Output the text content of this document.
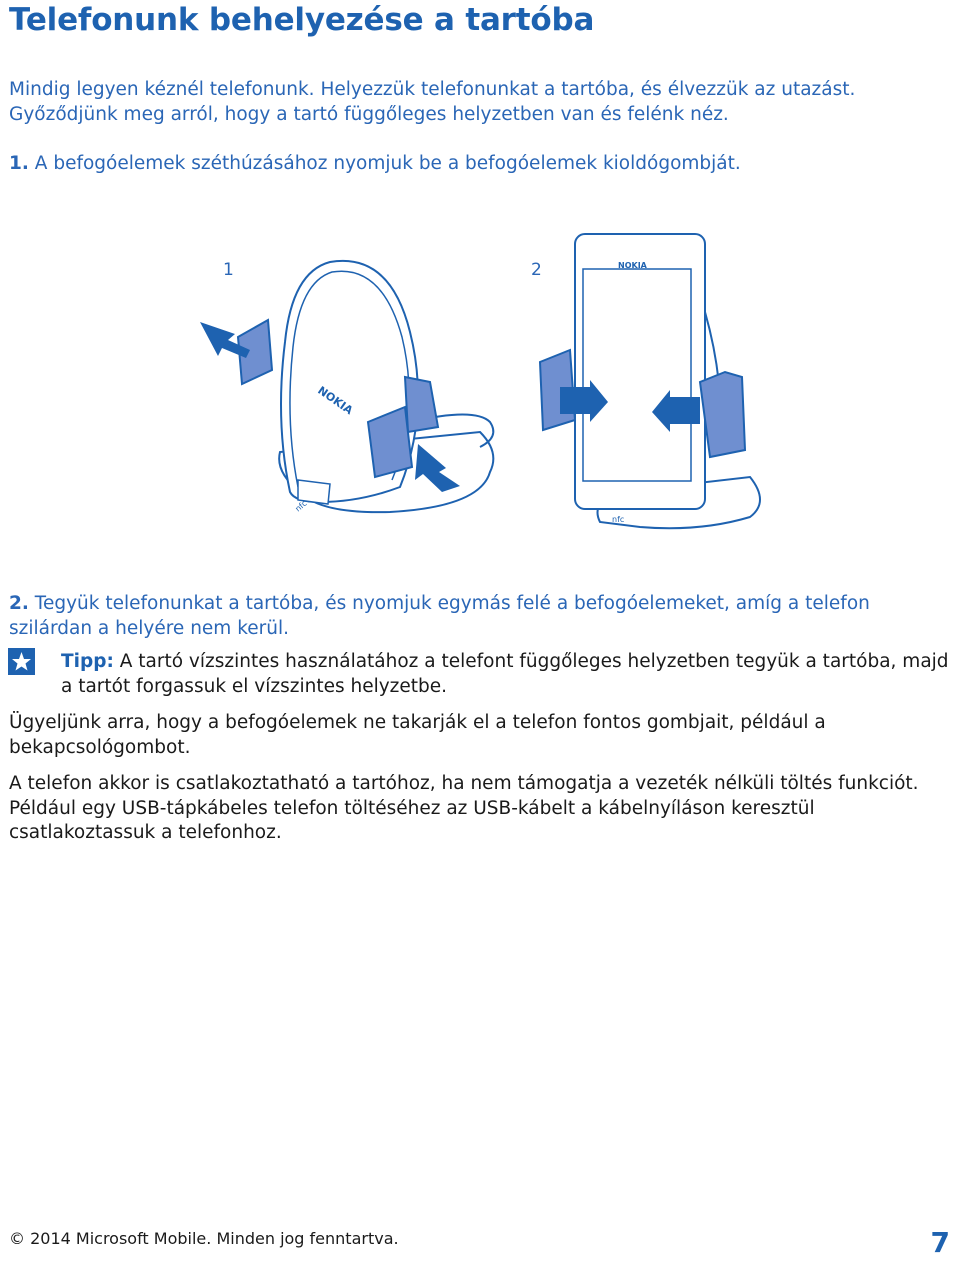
Telefonunk behelyezése a tartóba
Mindig legyen kéznél telefonunk. Helyezzük telefonunkat a tartóba, és élvezzük az utazást.
Győződjünk meg arról, hogy a tartó függőleges helyzetben van és felénk néz.

1. A befogóelemek széthúzásához nyomjuk be a befogóelemek kioldógombját.

1
NOKIA
nfc
2	NOKIA
nfc

2. Tegyük telefonunkat a tartóba, és nyomjuk egymás felé a befogóelemeket, amíg a telefon szilárdan a helyére nem kerül.

Tipp: A tartó vízszintes használatához a telefont függőleges helyzetben tegyük a tartóba, majd a tartót forgassuk el vízszintes helyzetbe.

Ügyeljünk arra, hogy a befogóelemek ne takarják el a telefon fontos gombjait, például a bekapcsológombot.

A telefon akkor is csatlakoztatható a tartóhoz, ha nem támogatja a vezeték nélküli töltés funkciót. Például egy USB-tápkábeles telefon töltéséhez az USB-kábelt a kábelnyíláson keresztül csatlakoztassuk a telefonhoz.

© 2014 Microsoft Mobile. Minden jog fenntartva.	7
